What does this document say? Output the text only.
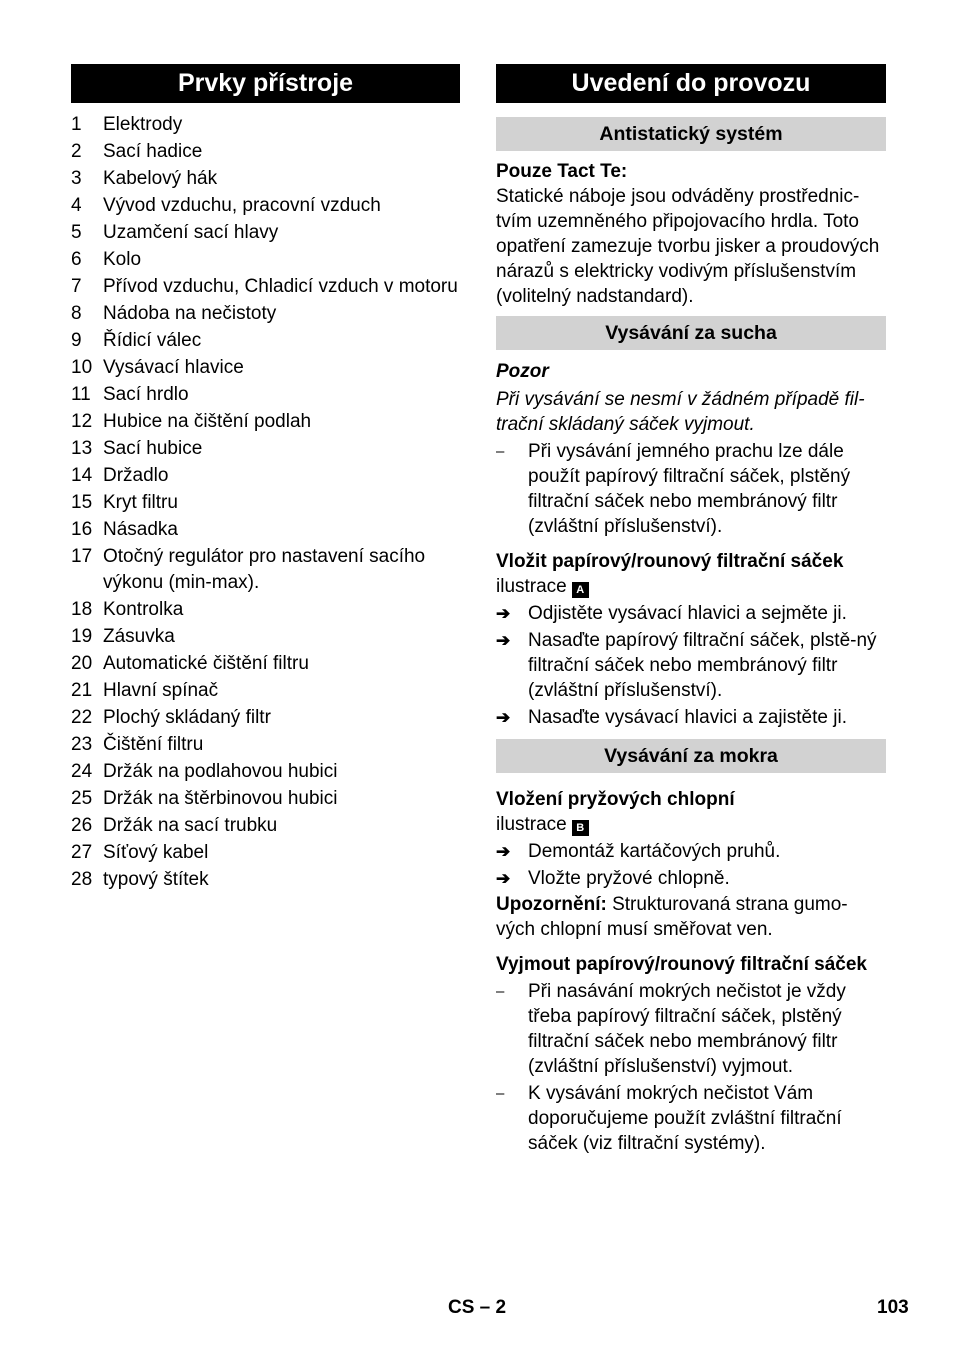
Prvky přístroje
1	Elektrody
2	Sací hadice
3	Kabelový hák
4	Vývod vzduchu, pracovní vzduch
5	Uzamčení sací hlavy
6	Kolo
7	Přívod vzduchu, Chladicí vzduch v motoru
8	Nádoba na nečistoty
9	Řídicí válec
10 Vysávací hlavice
11 Sací hrdlo
12 Hubice na čištění podlah
13 Sací hubice
14 Držadlo
15 Kryt filtru
16 Násadka
17 Otočný regulátor pro nastavení sacího výkonu (min-max).
18 Kontrolka
19 Zásuvka
20 Automatické čištění filtru
21 Hlavní spínač
22 Plochý skládaný filtr
23 Čištění filtru
24 Držák na podlahovou hubici
25 Držák na štěrbinovou hubici
26 Držák na sací trubku
27 Síťový kabel
28 typový štítek
Uvedení do provozu
Antistatický systém

Pouze Tact Te:

Statické náboje jsou odváděny prostřednic-tvím uzemněného připojovacího hrdla. Toto opatření zamezuje tvorbu jisker a proudových nárazů s elektricky vodivým příslušenstvím (volitelný nadstandard).

Vysávání za sucha

Pozor

Při vysávání se nesmí v žádném případě fil-trační skládaný sáček vyjmout.

–	Při vysávání jemného prachu lze dále použít papírový filtrační sáček, plstěný filtrační sáček nebo membránový filtr (zvláštní příslušenství).

Vložit papírový/rounový filtrační sáček

ilustrace A

➔ Odjistěte vysávací hlavici a sejměte ji.
➔ Nasaďte papírový filtrační sáček, plstě-ný filtrační sáček nebo membránový filtr (zvláštní příslušenství).
➔ Nasaďte vysávací hlavici a zajistěte ji.
Vysávání za mokra

Vložení pryžových chlopní

ilustrace B

➔ Demontáž kartáčových pruhů.
➔ Vložte pryžové chlopně.

Upozornění: Strukturovaná strana gumo-vých chlopní musí směřovat ven.

Vyjmout papírový/rounový filtrační sáček

–	Při nasávání mokrých nečistot je vždy třeba papírový filtrační sáček, plstěný filtrační sáček nebo membránový filtr (zvláštní příslušenství) vyjmout.
–	K vysávání mokrých nečistot Vám doporučujeme použít zvláštní filtrační sáček (viz filtrační systémy).
CS – 2	103
